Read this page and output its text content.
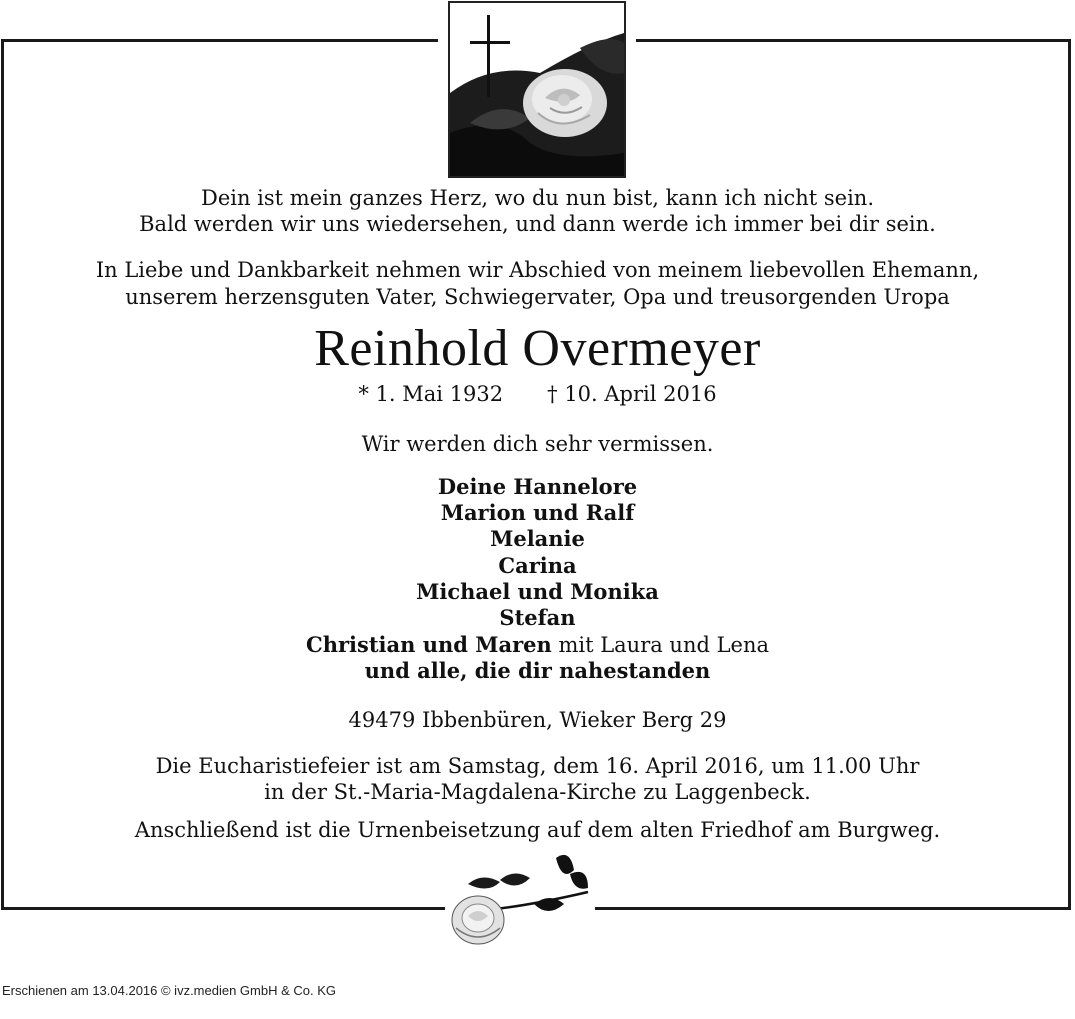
Dein ist mein ganzes Herz, wo du nun bist, kann ich nicht sein.
Bald werden wir uns wiedersehen, und dann werde ich immer bei dir sein.
In Liebe und Dankbarkeit nehmen wir Abschied von meinem liebevollen Ehemann,
unserem herzensguten Vater, Schwiegervater, Opa und treusorgenden Uropa
Reinhold Overmeyer
* 1. Mai 1932 † 10. April 2016
Wir werden dich sehr vermissen.
Deine Hannelore
Marion und Ralf
Melanie
Carina
Michael und Monika
Stefan
Christian und Maren mit Laura und Lena
und alle, die dir nahestanden
49479 Ibbenbüren, Wieker Berg 29
Die Eucharistiefeier ist am Samstag, dem 16. April 2016, um 11.00 Uhr
in der St.-Maria-Magdalena-Kirche zu Laggenbeck.
Anschließend ist die Urnenbeisetzung auf dem alten Friedhof am Burgweg.
Erschienen am 13.04.2016 © ivz.medien GmbH & Co. KG
